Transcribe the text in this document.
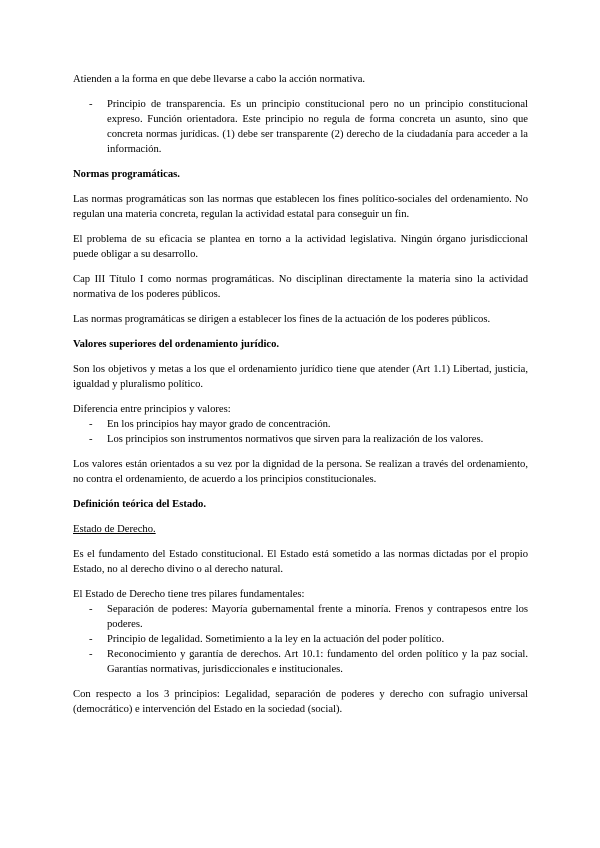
Atienden a la forma en que debe llevarse a cabo la acción normativa.

- Principio de transparencia. Es un principio constitucional pero no un principio constitucional expreso. Función orientadora. Este principio no regula de forma concreta un asunto, sino que concreta normas jurídicas. (1) debe ser transparente (2) derecho de la ciudadanía para acceder a la información.
Normas programáticas.

Las normas programáticas son las normas que establecen los fines político-sociales del ordenamiento. No regulan una materia concreta, regulan la actividad estatal para conseguir un fin.

El problema de su eficacia se plantea en torno a la actividad legislativa. Ningún órgano jurisdiccional puede obligar a su desarrollo.

Cap III Título I como normas programáticas. No disciplinan directamente la materia sino la actividad normativa de los poderes públicos.

Las normas programáticas se dirigen a establecer los fines de la actuación de los poderes públicos.

Valores superiores del ordenamiento jurídico.

Son los objetivos y metas a los que el ordenamiento jurídico tiene que atender (Art 1.1) Libertad, justicia, igualdad y pluralismo político.

Diferencia entre principios y valores:
- En los principios hay mayor grado de concentración.
- Los principios son instrumentos normativos que sirven para la realización de los valores.

Los valores están orientados a su vez por la dignidad de la persona. Se realizan a través del ordenamiento, no contra el ordenamiento, de acuerdo a los principios constitucionales.

Definición teórica del Estado.

Estado de Derecho.

Es el fundamento del Estado constitucional. El Estado está sometido a las normas dictadas por el propio Estado, no al derecho divino o al derecho natural.

El Estado de Derecho tiene tres pilares fundamentales:
- Separación de poderes: Mayoría gubernamental frente a minoría. Frenos y contrapesos entre los poderes.
- Principio de legalidad. Sometimiento a la ley en la actuación del poder político.
- Reconocimiento y garantía de derechos. Art 10.1: fundamento del orden político y la paz social. Garantías normativas, jurisdiccionales e institucionales.

Con respecto a los 3 principios: Legalidad, separación de poderes y derecho con sufragio universal (democrático) e intervención del Estado en la sociedad (social).
